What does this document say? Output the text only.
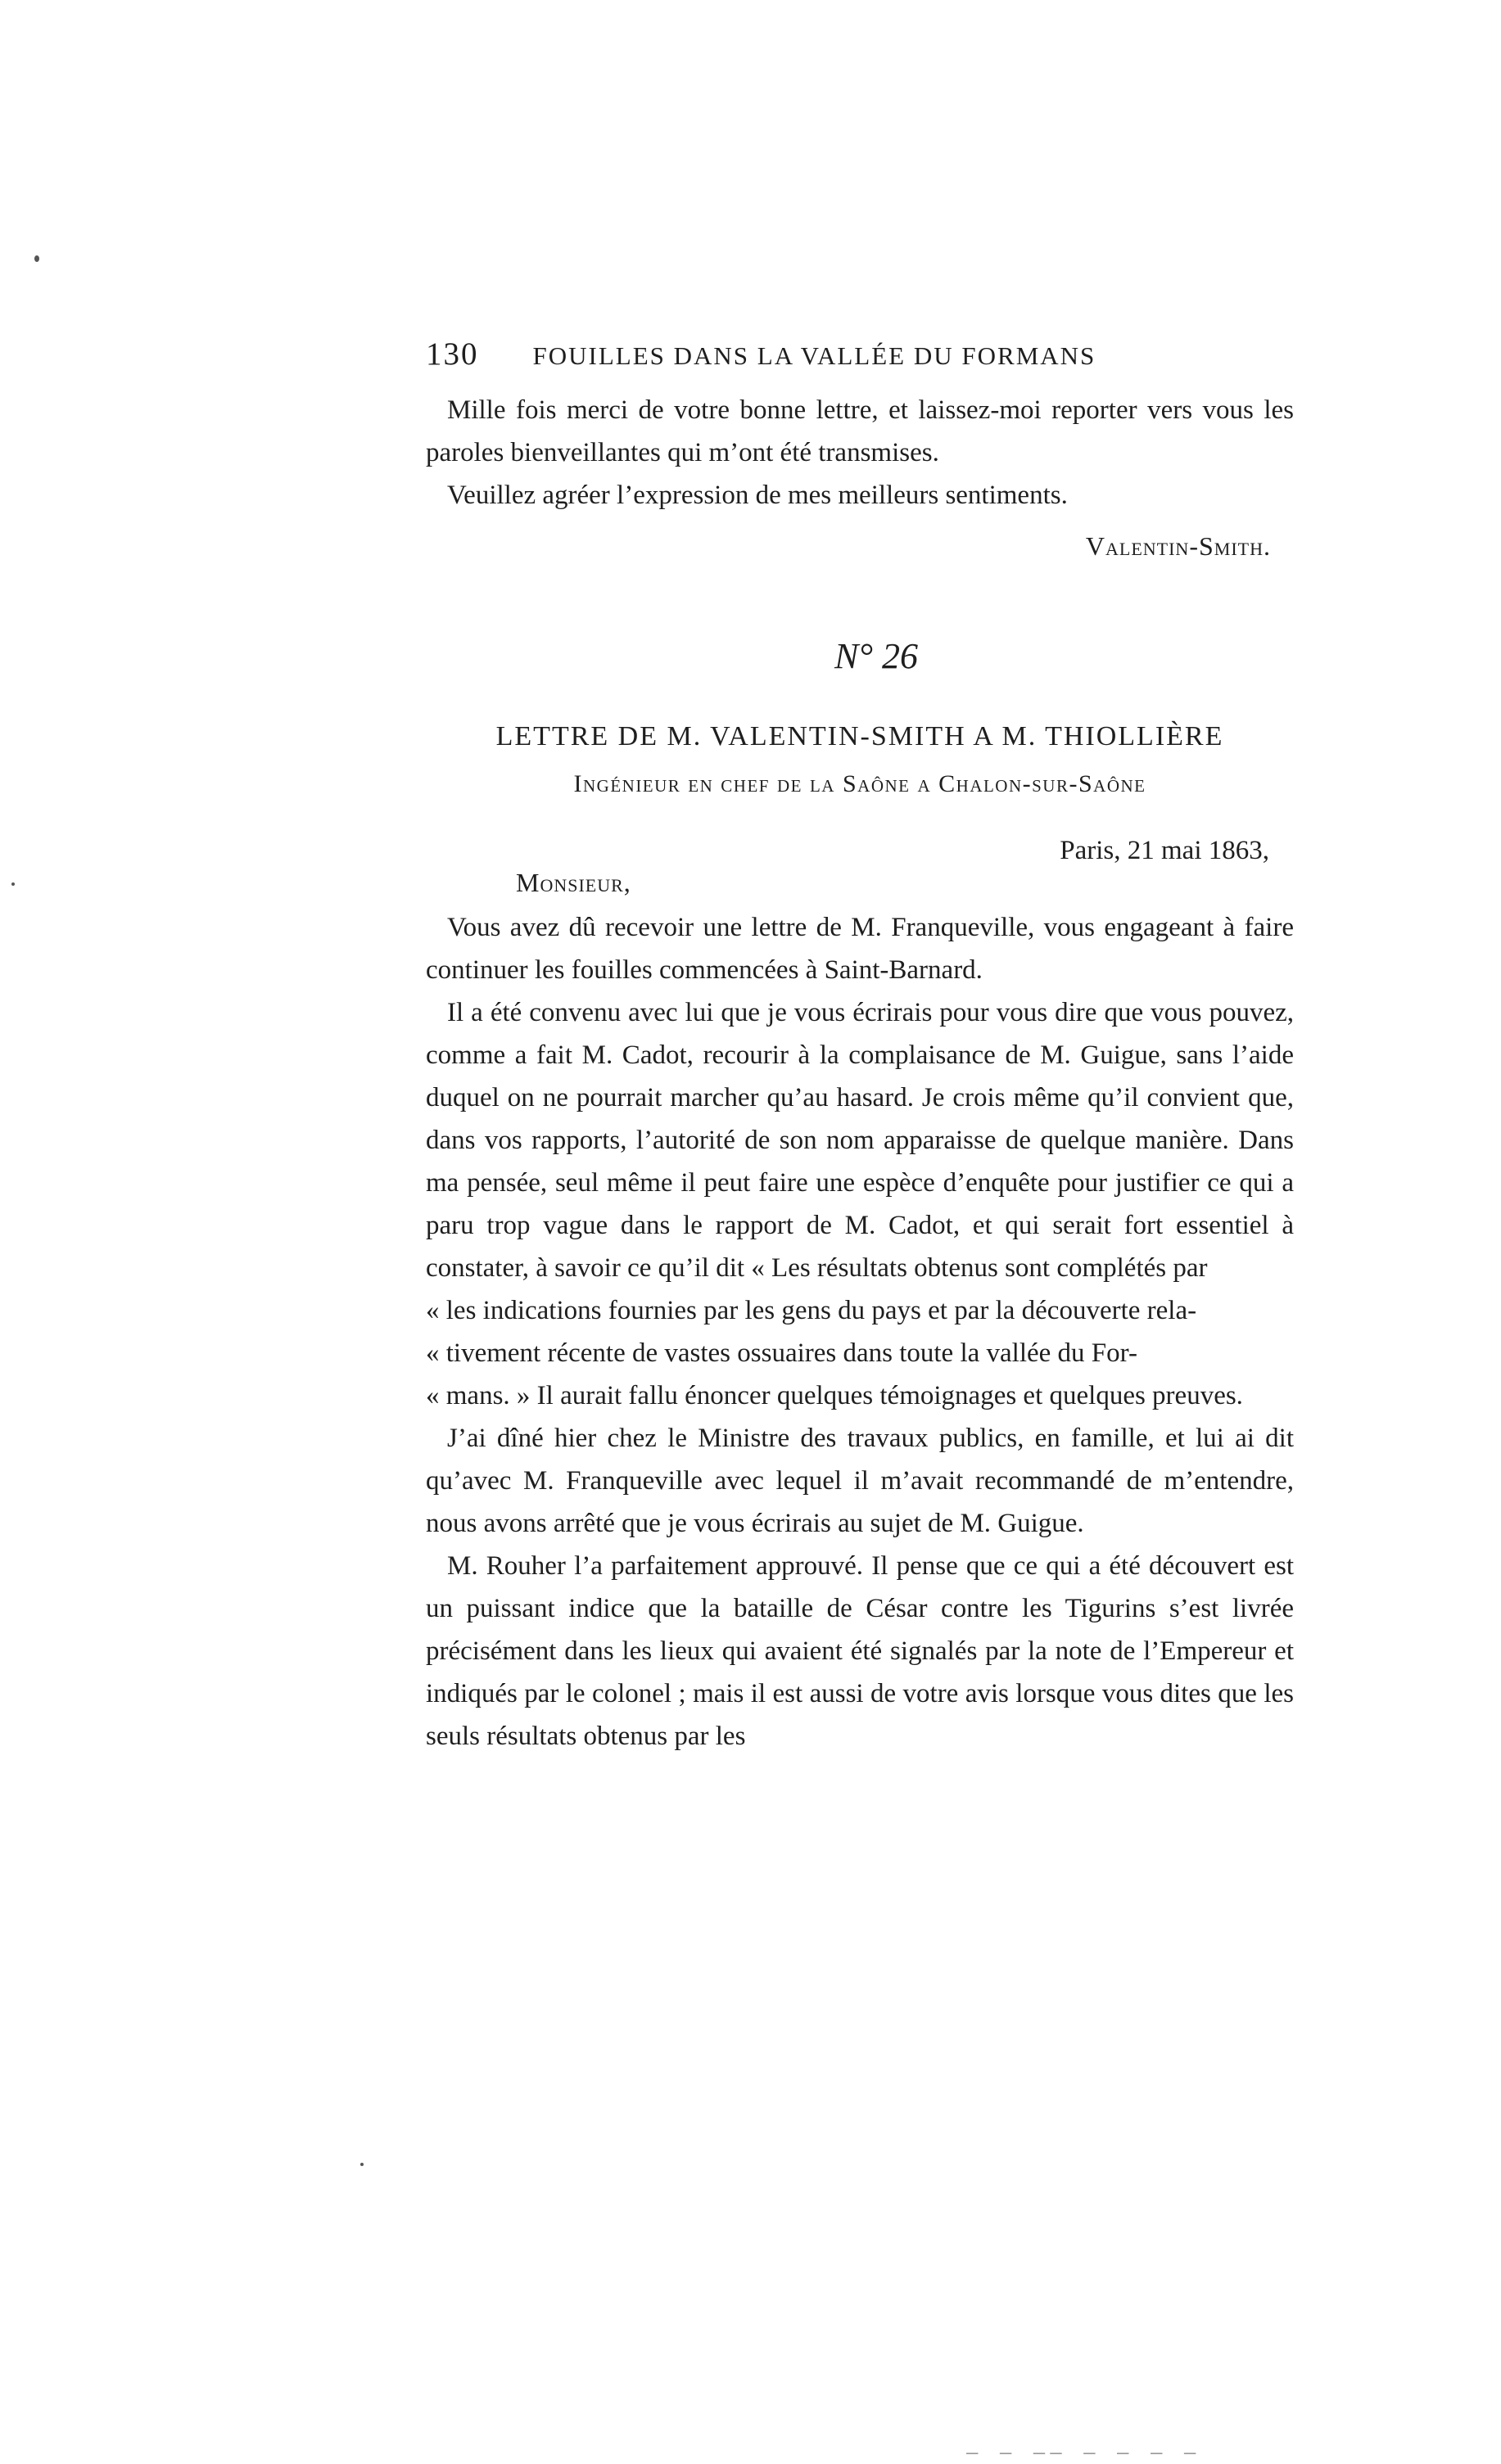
130 FOUILLES DANS LA VALLÉE DU FORMANS

Mille fois merci de votre bonne lettre, et laissez-moi reporter vers vous les paroles bienveillantes qui m’ont été transmises.

Veuillez agréer l’expression de mes meilleurs sentiments.

Valentin-Smith.
N° 26
LETTRE DE M. VALENTIN-SMITH A M. THIOLLIÈRE
Ingénieur en chef de la Saône a Chalon-sur-Saône
Paris, 21 mai 1863,
Monsieur,

Vous avez dû recevoir une lettre de M. Franqueville, vous engageant à faire continuer les fouilles commencées à Saint-Barnard.

Il a été convenu avec lui que je vous écrirais pour vous dire que vous pouvez, comme a fait M. Cadot, recourir à la complaisance de M. Guigue, sans l’aide duquel on ne pourrait marcher qu’au hasard. Je crois même qu’il convient que, dans vos rapports, l’autorité de son nom apparaisse de quelque manière. Dans ma pensée, seul même il peut faire une espèce d’enquête pour justifier ce qui a paru trop vague dans le rapport de M. Cadot, et qui serait fort essentiel à constater, à savoir ce qu’il dit « Les résultats obtenus sont complétés par

« les indications fournies par les gens du pays et par la découverte rela-

« tivement récente de vastes ossuaires dans toute la vallée du For-

« mans. » Il aurait fallu énoncer quelques témoignages et quelques preuves.

J’ai dîné hier chez le Ministre des travaux publics, en famille, et lui ai dit qu’avec M. Franqueville avec lequel il m’avait recommandé de m’entendre, nous avons arrêté que je vous écrirais au sujet de M. Guigue.

M. Rouher l’a parfaitement approuvé. Il pense que ce qui a été découvert est un puissant indice que la bataille de César contre les Tigurins s’est livrée précisément dans les lieux qui avaient été signalés par la note de l’Empereur et indiqués par le colonel ; mais il est aussi de votre avis lorsque vous dites que les seuls résultats obtenus par les

– – –– – – – –
